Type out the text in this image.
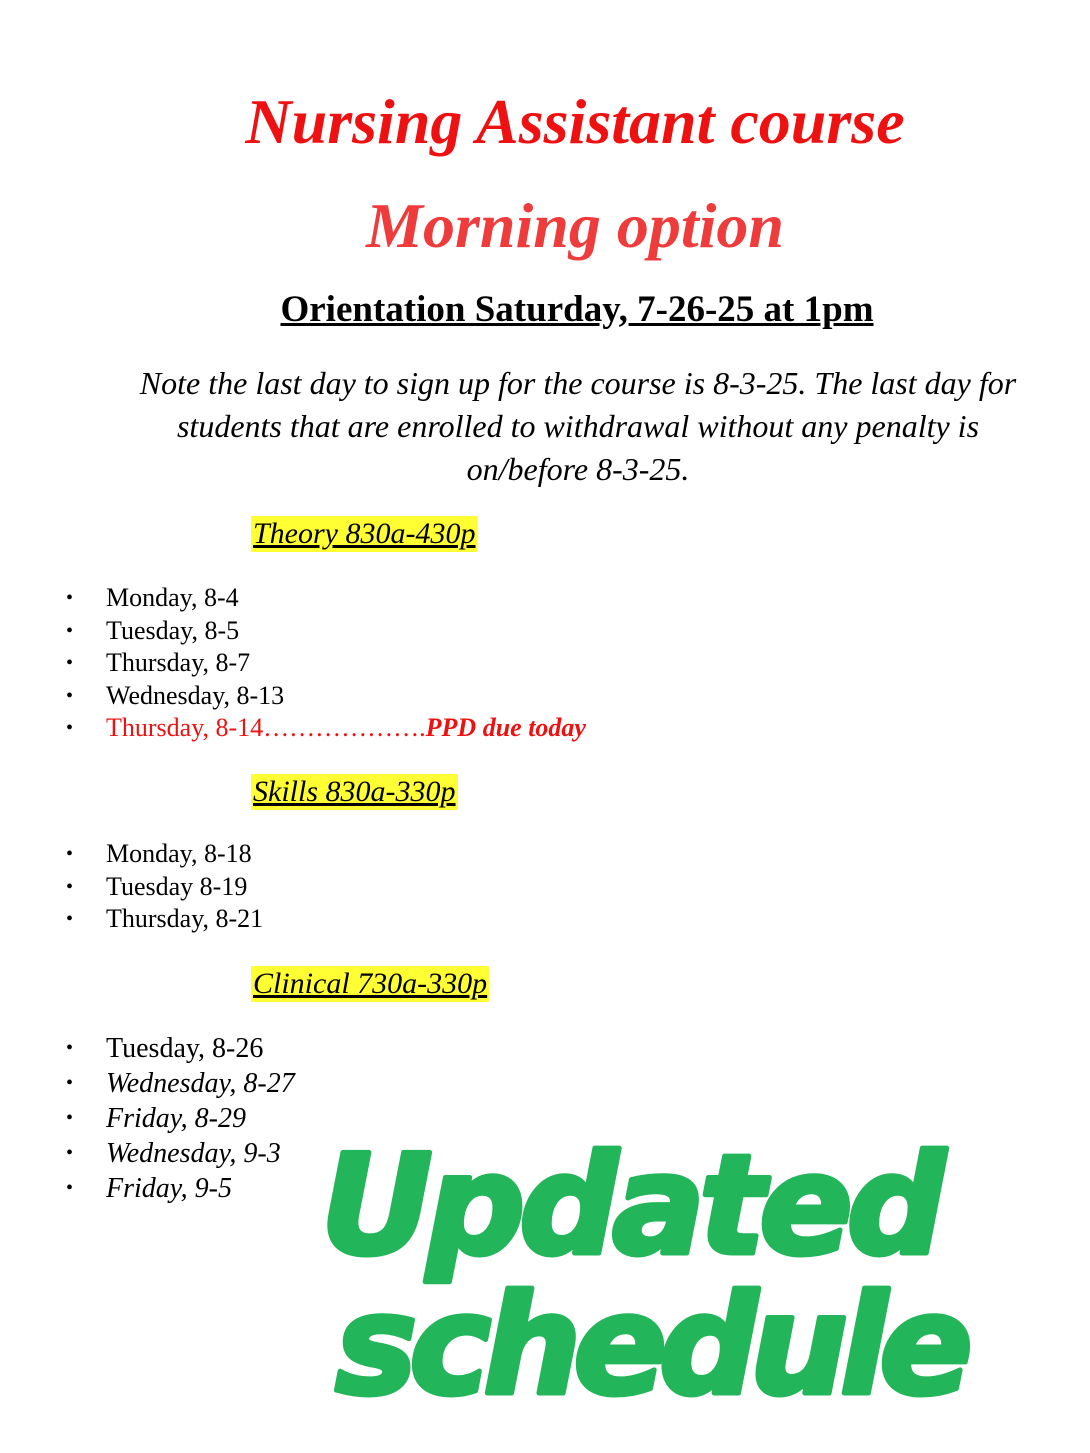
Nursing Assistant course
Morning option
Orientation Saturday, 7-26-25 at 1pm
Note the last day to sign up for the course is 8-3-25. The last day for students that are enrolled to withdrawal without any penalty is on/before 8-3-25.
Theory 830a-430p
• Monday, 8-4
• Tuesday, 8-5
• Thursday, 8-7
• Wednesday, 8-13
• Thursday, 8-14……………….PPD due today
Skills 830a-330p
• Monday, 8-18
• Tuesday 8-19
• Thursday, 8-21
Clinical 730a-330p
• Tuesday, 8-26
• Wednesday, 8-27
• Friday, 8-29
• Wednesday, 9-3
• Friday, 9-5 Updated
schedule
